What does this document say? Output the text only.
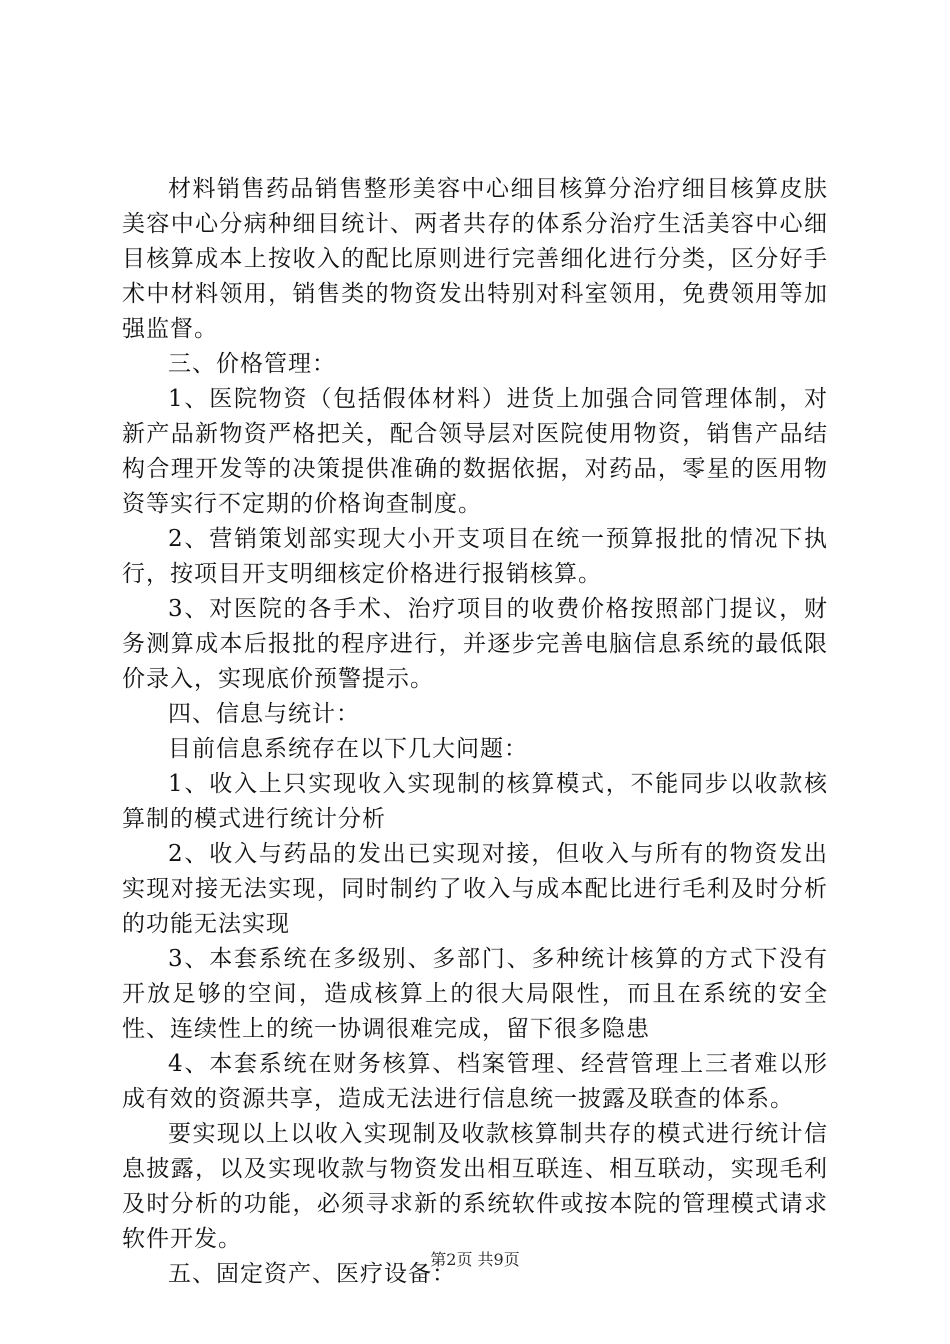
材料销售药品销售整形美容中心细目核算分治疗细目核算皮肤美容中心分病种细目统计、两者共存的体系分治疗生活美容中心细目核算成本上按收入的配比原则进行完善细化进行分类，区分好手术中材料领用，销售类的物资发出特别对科室领用，免费领用等加强监督。

三、价格管理：

1、医院物资（包括假体材料）进货上加强合同管理体制，对新产品新物资严格把关，配合领导层对医院使用物资，销售产品结构合理开发等的决策提供准确的数据依据，对药品，零星的医用物资等实行不定期的价格询查制度。

2、营销策划部实现大小开支项目在统一预算报批的情况下执行，按项目开支明细核定价格进行报销核算。

3、对医院的各手术、治疗项目的收费价格按照部门提议，财务测算成本后报批的程序进行，并逐步完善电脑信息系统的最低限价录入，实现底价预警提示。

四、信息与统计：

目前信息系统存在以下几大问题：

1、收入上只实现收入实现制的核算模式，不能同步以收款核算制的模式进行统计分析

2、收入与药品的发出已实现对接，但收入与所有的物资发出实现对接无法实现，同时制约了收入与成本配比进行毛利及时分析的功能无法实现

3、本套系统在多级别、多部门、多种统计核算的方式下没有开放足够的空间，造成核算上的很大局限性，而且在系统的安全性、连续性上的统一协调很难完成，留下很多隐患

4、本套系统在财务核算、档案管理、经营管理上三者难以形成有效的资源共享，造成无法进行信息统一披露及联查的体系。

要实现以上以收入实现制及收款核算制共存的模式进行统计信息披露，以及实现收款与物资发出相互联连、相互联动，实现毛利及时分析的功能，必须寻求新的系统软件或按本院的管理模式请求软件开发。

五、固定资产、医疗设备：

第2页 共9页
